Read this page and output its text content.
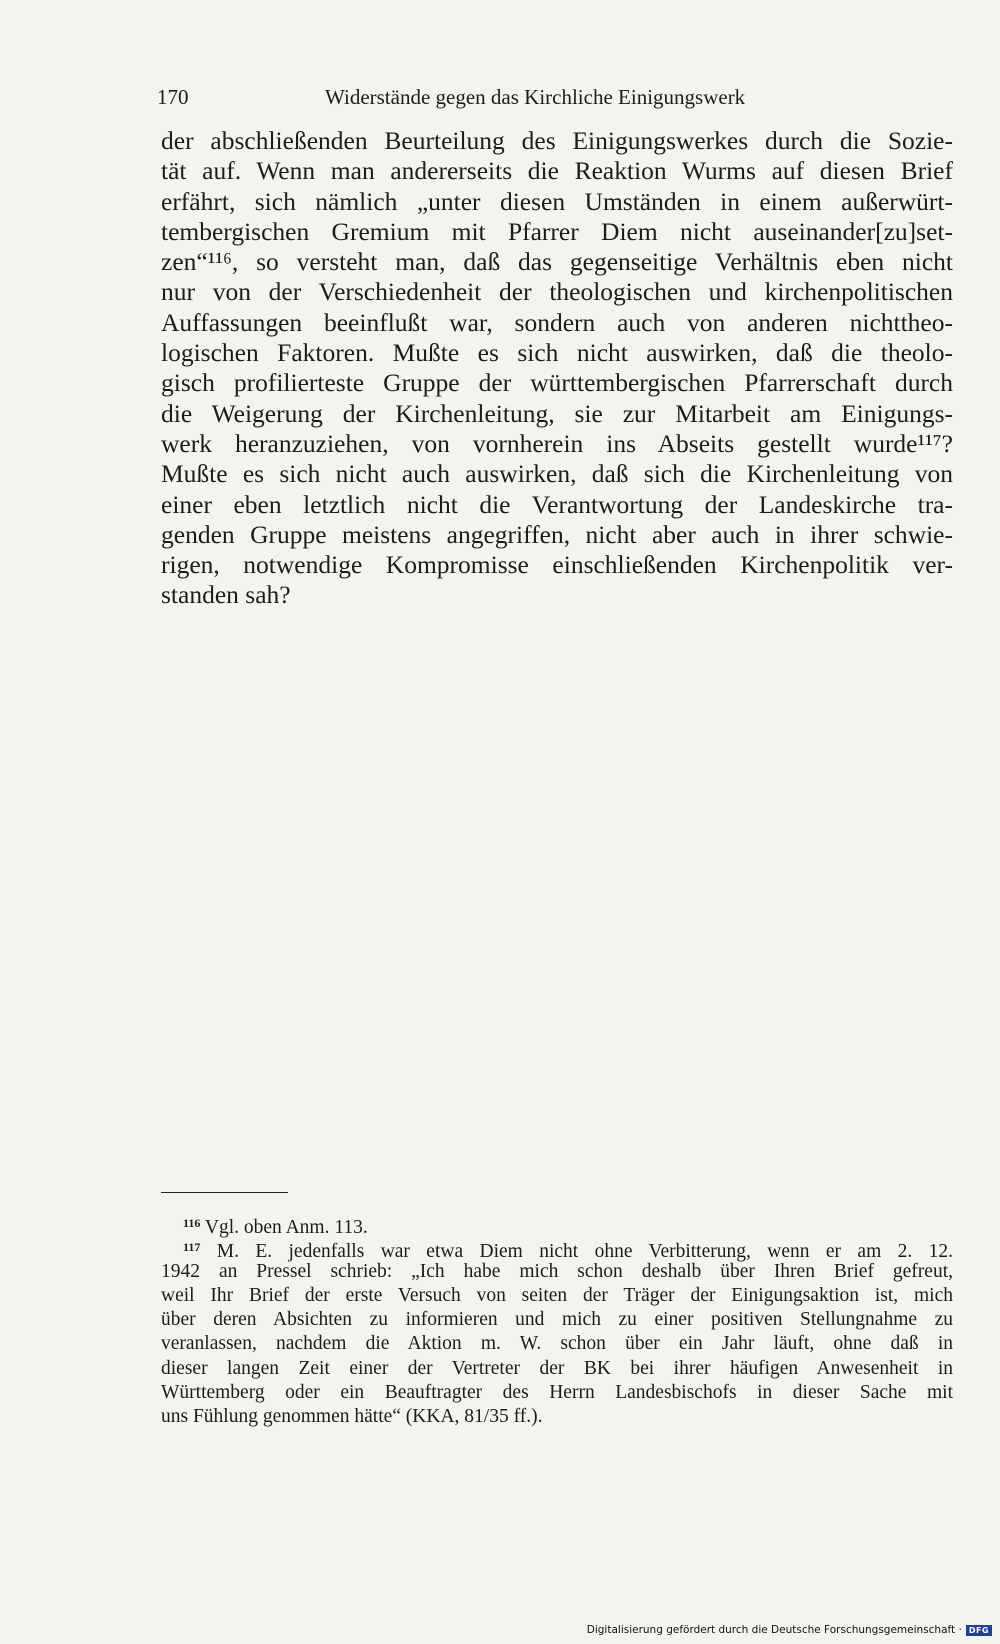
170	Widerstände gegen das Kirchliche Einigungswerk
der abschließenden Beurteilung des Einigungswerkes durch die Sozie-
tät auf. Wenn man andererseits die Reaktion Wurms auf diesen Brief
erfährt, sich nämlich „unter diesen Umständen in einem außerwürt-
tembergischen Gremium mit Pfarrer Diem nicht auseinander[zu]set-
zen“¹¹⁶, so versteht man, daß das gegenseitige Verhältnis eben nicht
nur von der Verschiedenheit der theologischen und kirchenpolitischen
Auffassungen beeinflußt war, sondern auch von anderen nichttheo-
logischen Faktoren. Mußte es sich nicht auswirken, daß die theolo-
gisch profilierteste Gruppe der württembergischen Pfarrerschaft durch
die Weigerung der Kirchenleitung, sie zur Mitarbeit am Einigungs-
werk heranzuziehen, von vornherein ins Abseits gestellt wurde¹¹⁷?
Mußte es sich nicht auch auswirken, daß sich die Kirchenleitung von
einer eben letztlich nicht die Verantwortung der Landeskirche tra-
genden Gruppe meistens angegriffen, nicht aber auch in ihrer schwie-
rigen, notwendige Kompromisse einschließenden Kirchenpolitik ver-
standen sah?
$^{116}$ Vgl. oben Anm. 113.
$^{117}$ M. E. jedenfalls war etwa Diem nicht ohne Verbitterung, wenn er am 2. 12.
1942 an Pressel schrieb: „Ich habe mich schon deshalb über Ihren Brief gefreut,
weil Ihr Brief der erste Versuch von seiten der Träger der Einigungsaktion ist, mich
über deren Absichten zu informieren und mich zu einer positiven Stellungnahme zu
veranlassen, nachdem die Aktion m. W. schon über ein Jahr läuft, ohne daß in
dieser langen Zeit einer der Vertreter der BK bei ihrer häufigen Anwesenheit in
Württemberg oder ein Beauftragter des Herrn Landesbischofs in dieser Sache mit
uns Fühlung genommen hätte“ (KKA, 81/35 ff.).
Digitalisierung gefördert durch die Deutsche Forschungsgemeinschaft · DFG
